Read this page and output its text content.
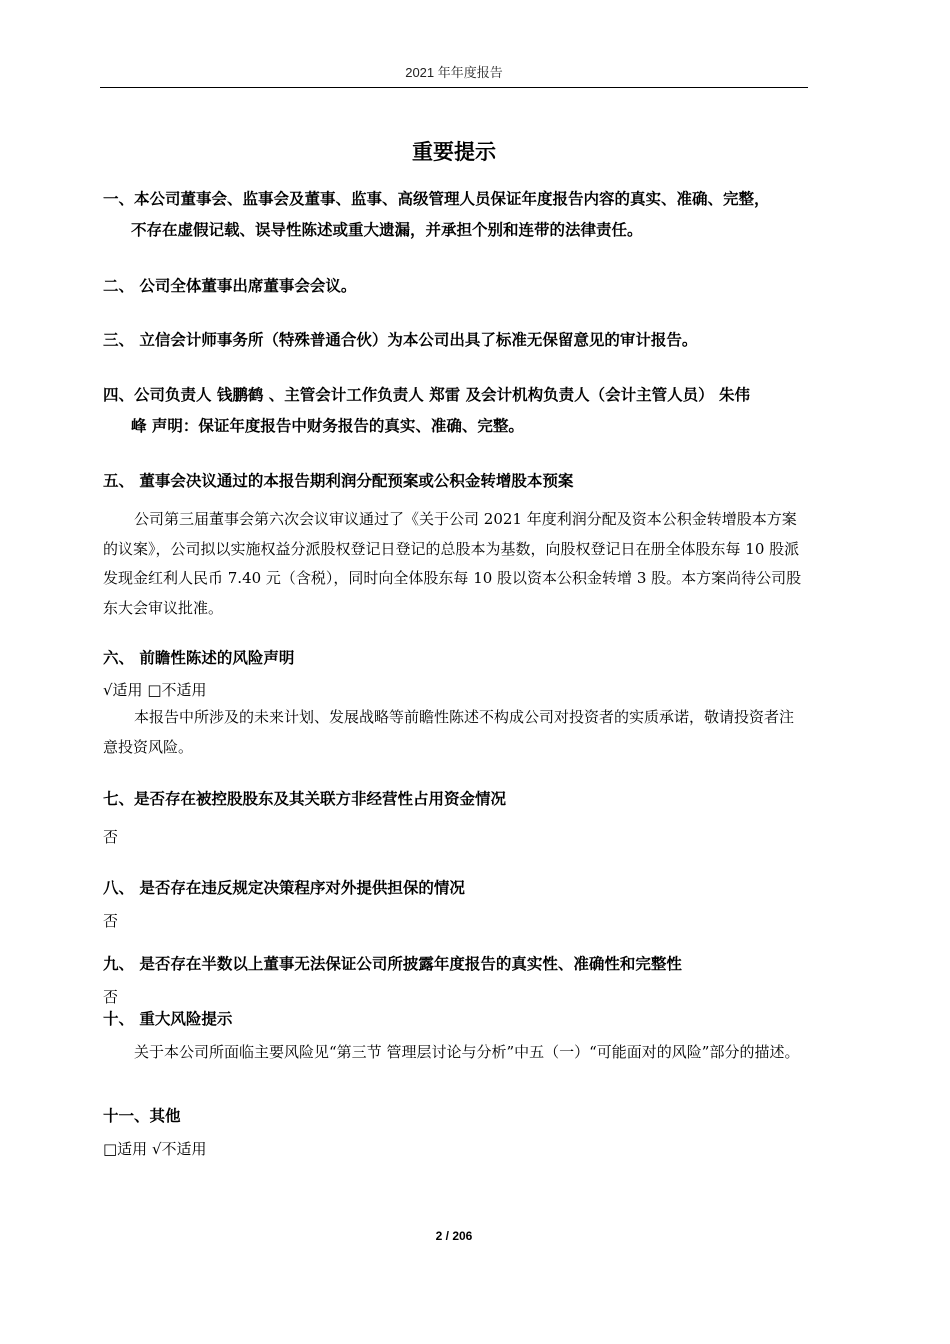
2021 年年度报告
重要提示
一、本公司董事会、监事会及董事、监事、高级管理人员保证年度报告内容的真实、准确、完整，

不存在虚假记载、误导性陈述或重大遗漏，并承担个别和连带的法律责任。
二、 公司全体董事出席董事会会议。
三、 立信会计师事务所（特殊普通合伙）为本公司出具了标准无保留意见的审计报告。
四、公司负责人 钱鹏鹤 、主管会计工作负责人 郑雷 及会计机构负责人（会计主管人员） 朱伟

峰 声明：保证年度报告中财务报告的真实、准确、完整。
五、 董事会决议通过的本报告期利润分配预案或公积金转增股本预案
公司第三届董事会第六次会议审议通过了《关于公司 2021 年度利润分配及资本公积金转增股本方案的议案》，公司拟以实施权益分派股权登记日登记的总股本为基数，向股权登记日在册全体股东每 10 股派发现金红利人民币 7.40 元（含税），同时向全体股东每 10 股以资本公积金转增 3 股。本方案尚待公司股东大会审议批准。
六、 前瞻性陈述的风险声明
√适用 □不适用
本报告中所涉及的未来计划、发展战略等前瞻性陈述不构成公司对投资者的实质承诺，敬请投资者注意投资风险。
七、是否存在被控股股东及其关联方非经营性占用资金情况
否
八、 是否存在违反规定决策程序对外提供担保的情况
否
九、 是否存在半数以上董事无法保证公司所披露年度报告的真实性、准确性和完整性
否
十、 重大风险提示
关于本公司所面临主要风险见“第三节 管理层讨论与分析”中五（一）“可能面对的风险”部分的描述。
十一、其他
□适用 √不适用
2 / 206
